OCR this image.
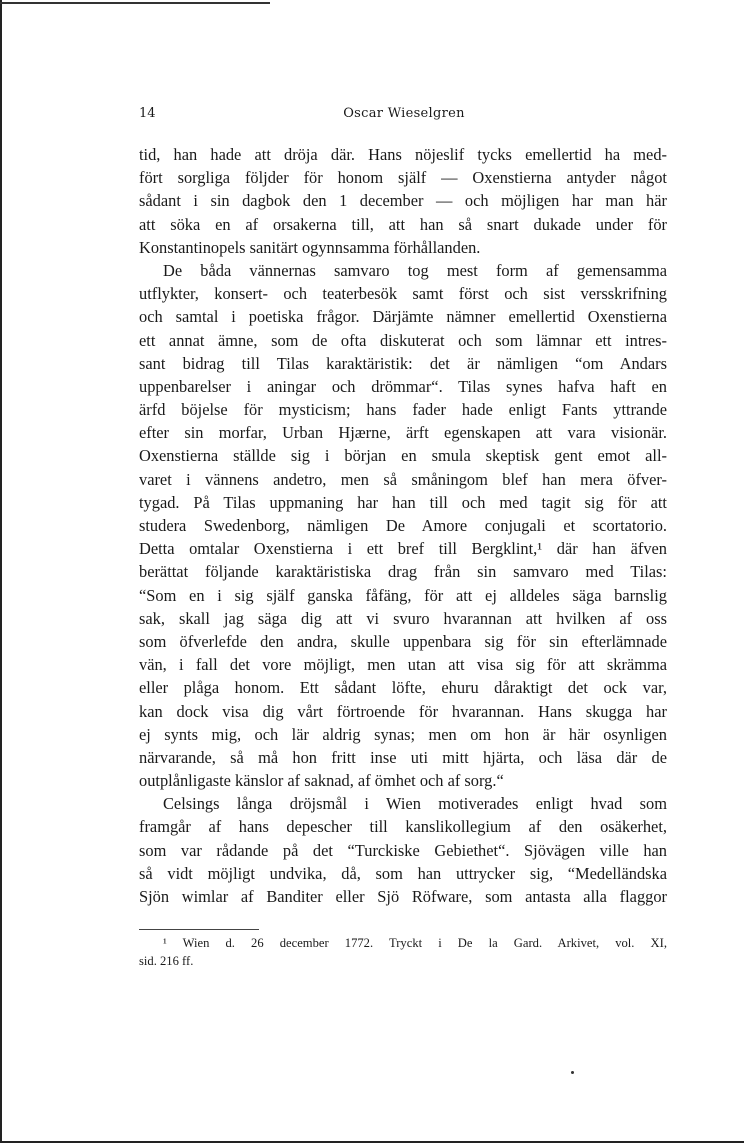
14	Oscar Wieselgren
tid, han hade att dröja där. Hans nöjeslif tycks emellertid ha med-
fört sorgliga följder för honom själf — Oxenstierna antyder något
sådant i sin dagbok den 1 december — och möjligen har man här
att söka en af orsakerna till, att han så snart dukade under för
Konstantinopels sanitärt ogynnsamma förhållanden.
De båda vännernas samvaro tog mest form af gemensamma
utflykter, konsert- och teaterbesök samt först och sist versskrifning
och samtal i poetiska frågor. Därjämte nämner emellertid Oxenstierna
ett annat ämne, som de ofta diskuterat och som lämnar ett intres-
sant bidrag till Tilas karaktäristik: det är nämligen “om Andars
uppenbarelser i aningar och drömmar“. Tilas synes hafva haft en
ärfd böjelse för mysticism; hans fader hade enligt Fants yttrande
efter sin morfar, Urban Hjærne, ärft egenskapen att vara visionär.
Oxenstierna ställde sig i början en smula skeptisk gent emot all-
varet i vännens andetro, men så småningom blef han mera öfver-
tygad. På Tilas uppmaning har han till och med tagit sig för att
studera Swedenborg, nämligen De Amore conjugali et scortatorio.
Detta omtalar Oxenstierna i ett bref till Bergklint,¹ där han äfven
berättat följande karaktäristiska drag från sin samvaro med Tilas:
“Som en i sig själf ganska fåfäng, för att ej alldeles säga barnslig
sak, skall jag säga dig att vi svuro hvarannan att hvilken af oss
som öfverlefde den andra, skulle uppenbara sig för sin efterlämnade
vän, i fall det vore möjligt, men utan att visa sig för att skrämma
eller plåga honom. Ett sådant löfte, ehuru dåraktigt det ock var,
kan dock visa dig vårt förtroende för hvarannan. Hans skugga har
ej synts mig, och lär aldrig synas; men om hon är här osynligen
närvarande, så må hon fritt inse uti mitt hjärta, och läsa där de
outplånligaste känslor af saknad, af ömhet och af sorg.“
Celsings långa dröjsmål i Wien motiverades enligt hvad som
framgår af hans depescher till kanslikollegium af den osäkerhet,
som var rådande på det “Turckiske Gebiethet“. Sjövägen ville han
så vidt möjligt undvika, då, som han uttrycker sig, “Medelländska
Sjön wimlar af Banditer eller Sjö Röfware, som antasta alla flaggor
¹ Wien d. 26 december 1772. Tryckt i De la Gard. Arkivet, vol. XI,
sid. 216 ff.
